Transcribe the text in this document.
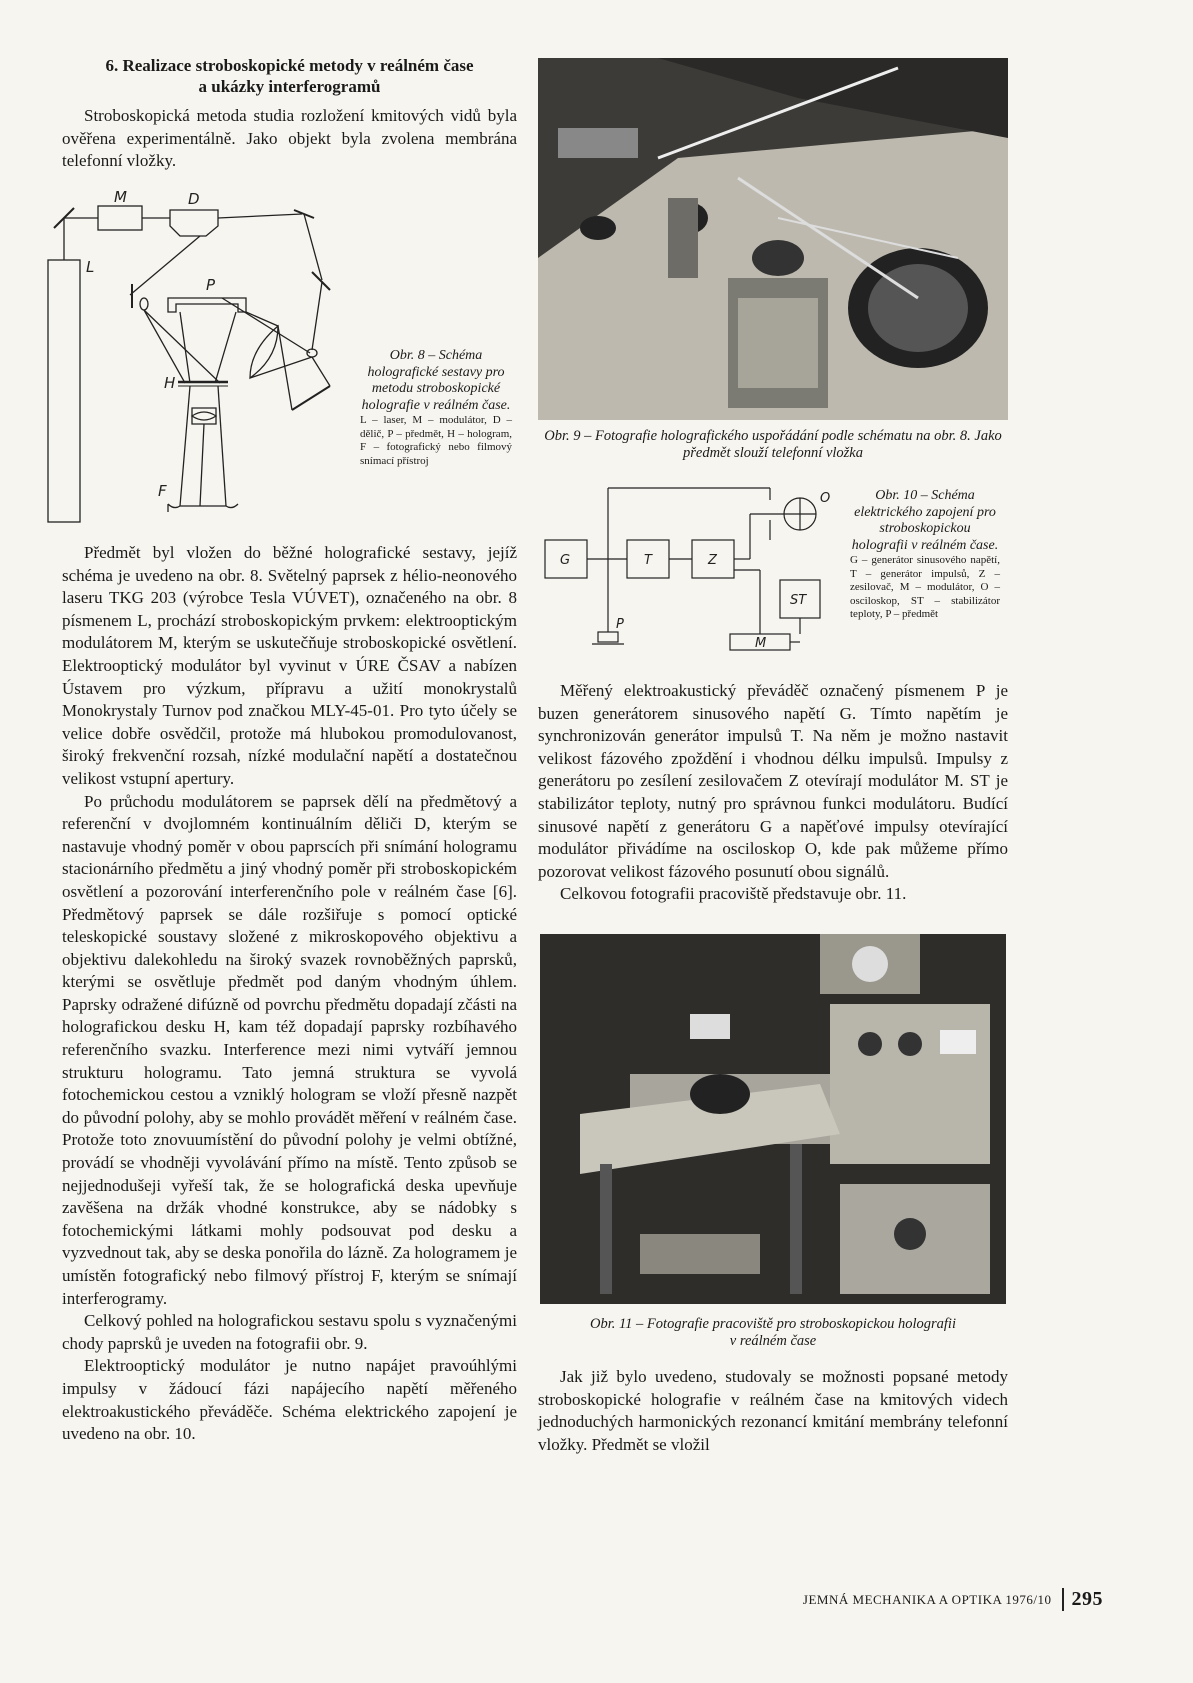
6. Realizace stroboskopické metody v reálném čase
a ukázky interferogramů

Stroboskopická metoda studia rozložení kmitových vidů byla ověřena experimentálně. Jako objekt byla zvolena membrána telefonní vložky.

M	D
L
P
H
F
Obr. 8 – Schéma holografické sestavy pro metodu stroboskopické holografie v reálném čase.
L – laser, M – modulátor, D – dělič, P – předmět, H – hologram, F – fotografický nebo filmový snímací přístroj

Předmět byl vložen do běžné holografické sestavy, jejíž schéma je uvedeno na obr. 8. Světelný paprsek z hélio-neonového laseru TKG 203 (výrobce Tesla VÚVET), označeného na obr. 8 písmenem L, prochází stroboskopickým prvkem: elektrooptickým modulátorem M, kterým se uskutečňuje stroboskopické osvětlení. Elektrooptický modulátor byl vyvinut v ÚRE ČSAV a nabízen Ústavem pro výzkum, přípravu a užití monokrystalů Monokrystaly Turnov pod značkou MLY-45-01. Pro tyto účely se velice dobře osvědčil, protože má hlubokou promodulovanost, široký frekvenční rozsah, nízké modulační napětí a dostatečnou velikost vstupní apertury.

Po průchodu modulátorem se paprsek dělí na předmětový a referenční v dvojlomném kontinuálním děliči D, kterým se nastavuje vhodný poměr v obou paprscích při snímání hologramu stacionárního předmětu a jiný vhodný poměr při stroboskopickém osvětlení a pozorování interferenčního pole v reálném čase [6]. Předmětový paprsek se dále rozšiřuje s pomocí optické teleskopické soustavy složené z mikroskopového objektivu a objektivu dalekohledu na široký svazek rovnoběžných paprsků, kterými se osvětluje předmět pod daným vhodným úhlem. Paprsky odražené difúzně od povrchu předmětu dopadají zčásti na holografickou desku H, kam též dopadají paprsky rozbíhavého referenčního svazku. Interference mezi nimi vytváří jemnou strukturu hologramu. Tato jemná struktura se vyvolá fotochemickou cestou a vzniklý hologram se vloží přesně nazpět do původní polohy, aby se mohlo provádět měření v reálném čase. Protože toto znovuumístění do původní polohy je velmi obtížné, provádí se vhodněji vyvolávání přímo na místě. Tento způsob se nejjednodušeji vyřeší tak, že se holografická deska upevňuje zavěšena na držák vhodné konstrukce, aby se nádobky s fotochemickými látkami mohly podsouvat pod desku a vyzvednout tak, aby se deska ponořila do lázně. Za hologramem je umístěn fotografický nebo filmový přístroj F, kterým se snímají interferogramy.

Celkový pohled na holografickou sestavu spolu s vyznačenými chody paprsků je uveden na fotografii obr. 9.

Elektrooptický modulátor je nutno napájet pravoúhlými impulsy v žádoucí fázi napájecího napětí měřeného elektroakustického převáděče. Schéma elektrického zapojení je uvedeno na obr. 10.

Obr. 9 – Fotografie holografického uspořádání podle schématu na obr. 8. Jako předmět slouží telefonní vložka
G	T	Z
ST
M
O
P
Obr. 10 – Schéma elektrického zapojení pro stroboskopickou holografii v reálném čase.
G – generátor sinusového napětí, T – generátor impulsů, Z – zesilovač, M – modulátor, O – osciloskop, ST – stabilizátor teploty, P – předmět

Měřený elektroakustický převáděč označený písmenem P je buzen generátorem sinusového napětí G. Tímto napětím je synchronizován generátor impulsů T. Na něm je možno nastavit velikost fázového zpoždění i vhodnou délku impulsů. Impulsy z generátoru po zesílení zesilovačem Z otevírají modulátor M. ST je stabilizátor teploty, nutný pro správnou funkci modulátoru. Budící sinusové napětí z generátoru G a napěťové impulsy otevírající modulátor přivádíme na osciloskop O, kde pak můžeme přímo pozorovat velikost fázového posunutí obou signálů.

Celkovou fotografii pracoviště představuje obr. 11.

Obr. 11 – Fotografie pracoviště pro stroboskopickou holografii
v reálném čase

Jak již bylo uvedeno, studovaly se možnosti popsané metody stroboskopické holografie v reálném čase na kmitových videch jednoduchých harmonických rezonancí kmitání membrány telefonní vložky. Předmět se vložil

JEMNÁ MECHANIKA A OPTIKA 1976/10	295
